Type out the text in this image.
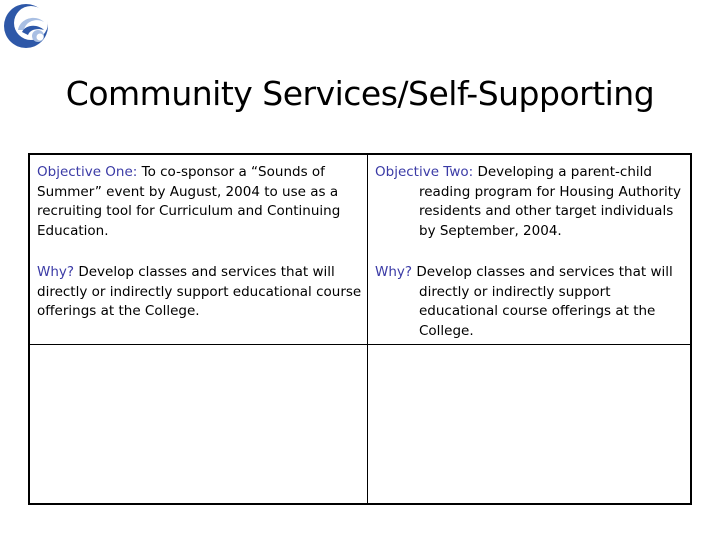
Community Services/Self-Supporting
Objective One: To co-sponsor a “Sounds of Summer” event by August, 2004 to use as a recruiting tool for Curriculum and Continuing Education.
Why? Develop classes and services that will directly or indirectly support educational course offerings at the College.
Objective Two: Developing a parent-child reading program for Housing Authority residents and other target individuals by September, 2004.
Why? Develop classes and services that will directly or indirectly support educational course offerings at the College.
